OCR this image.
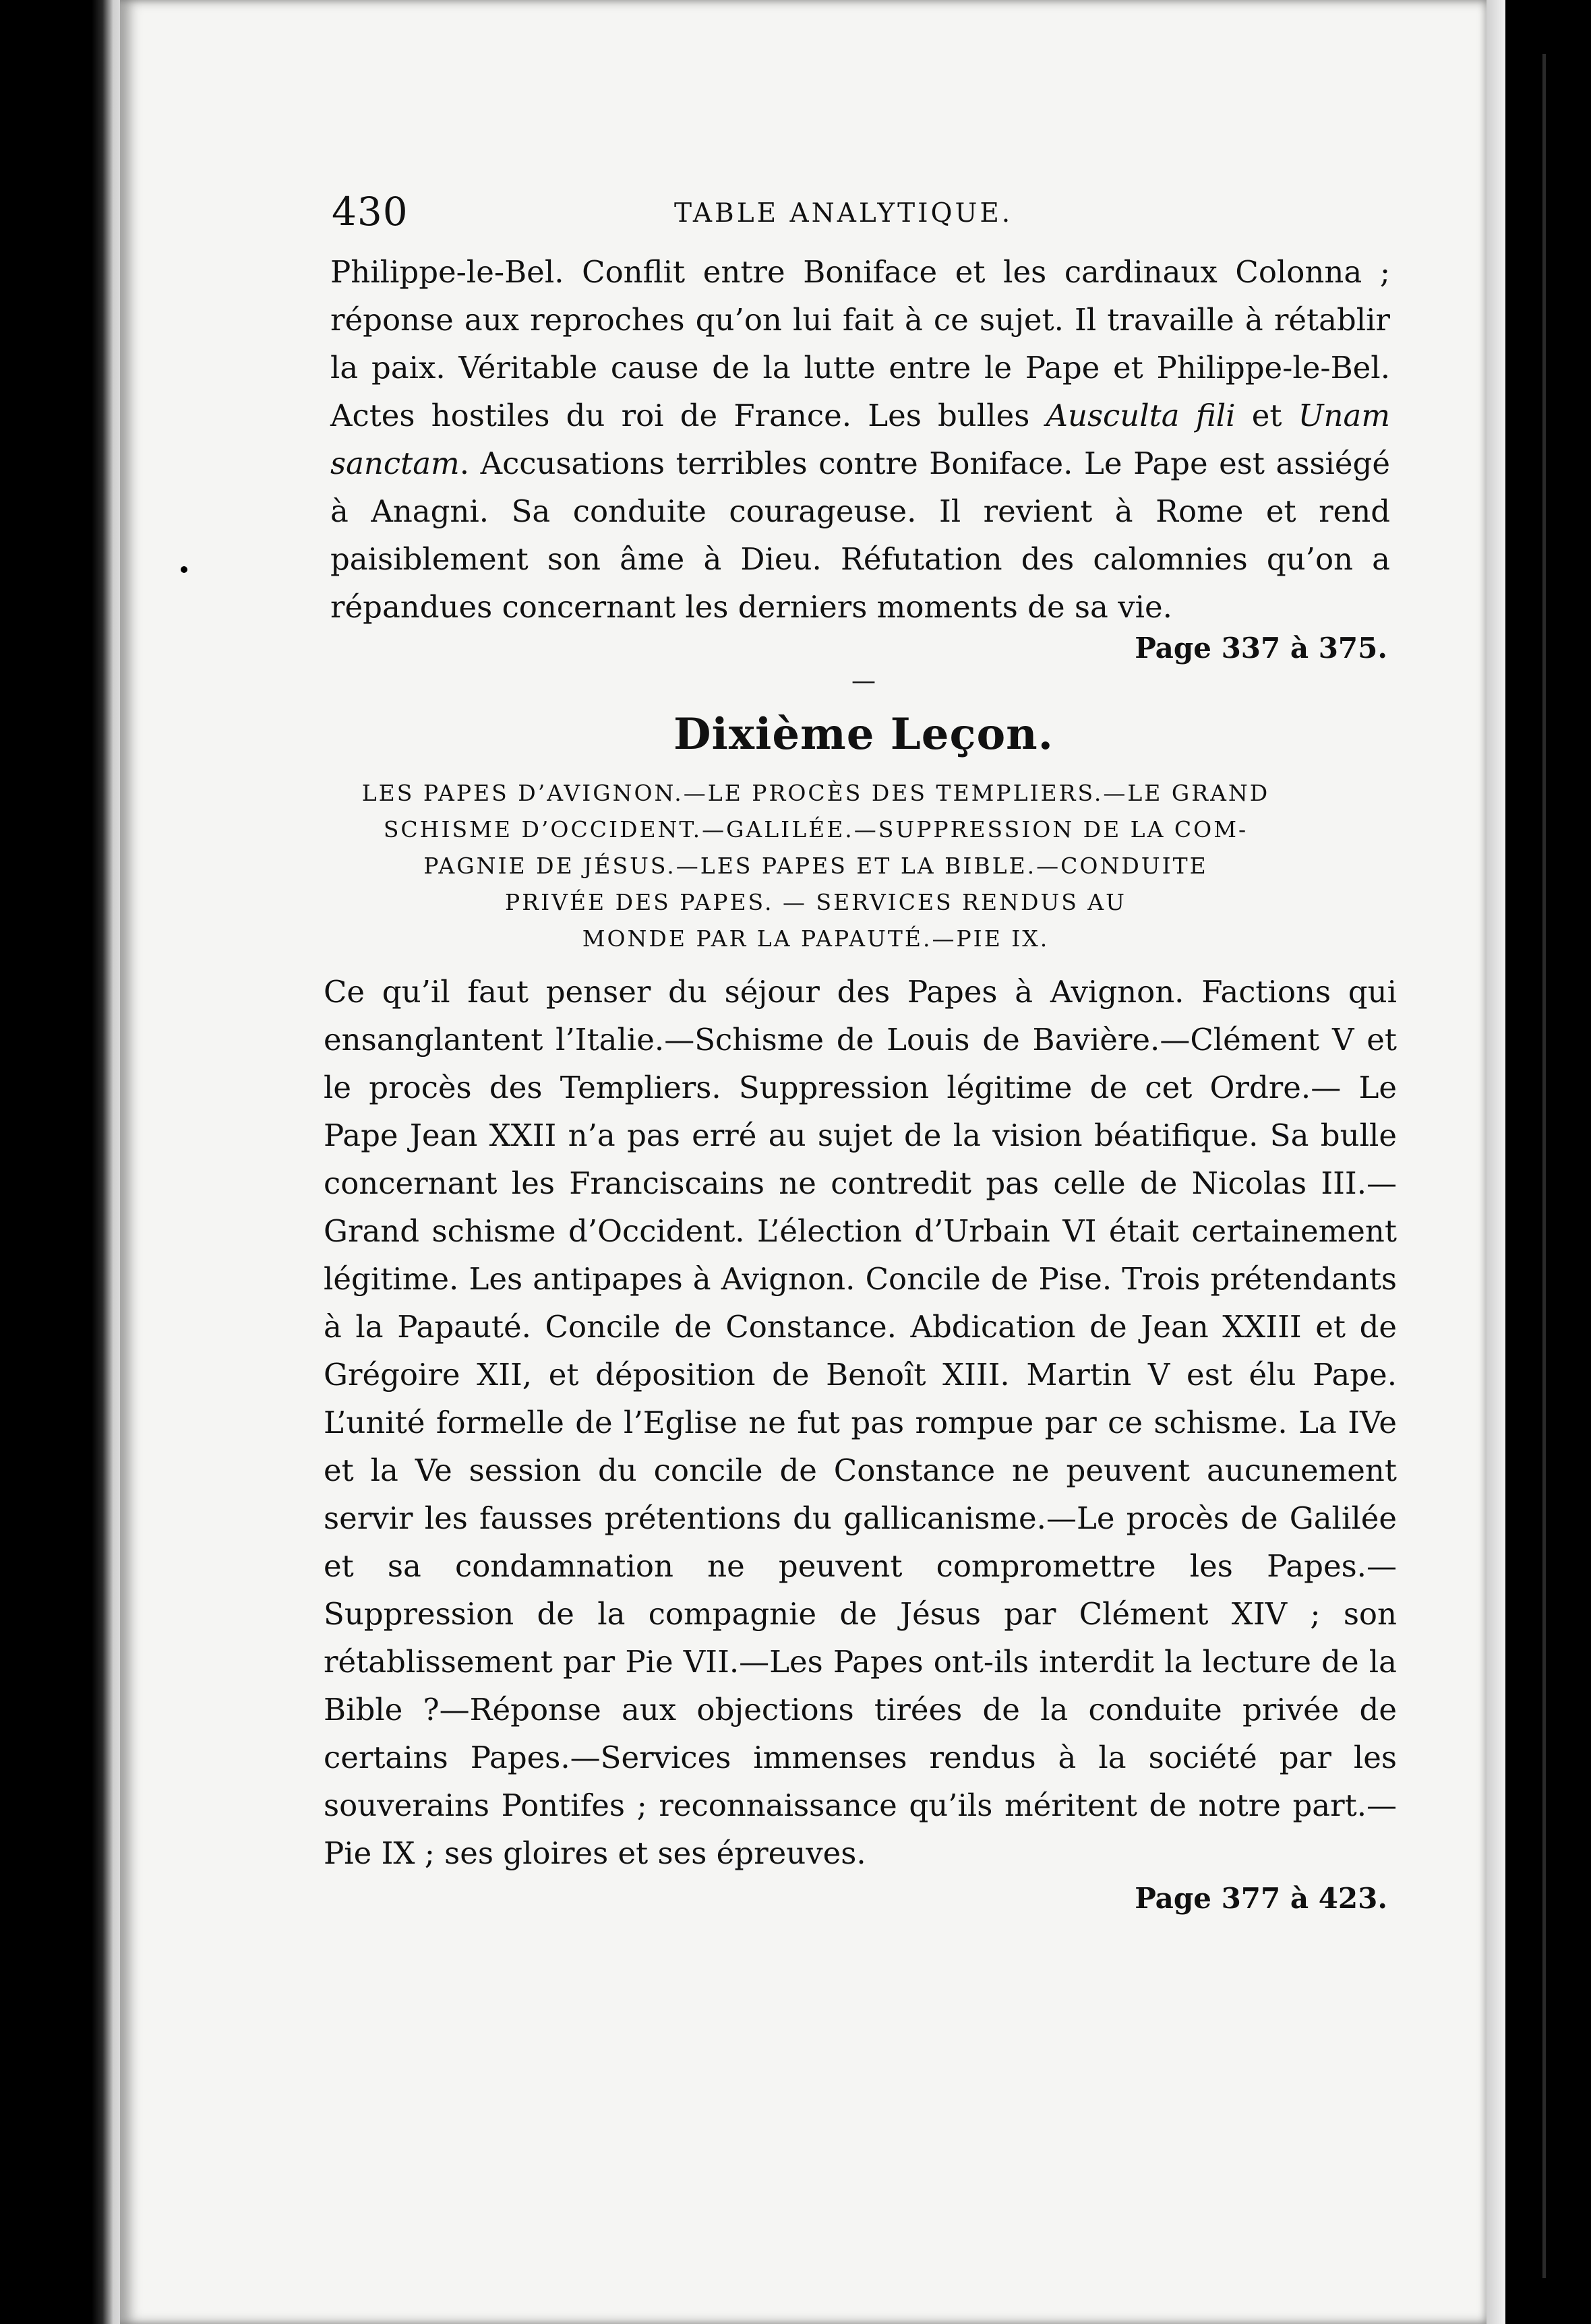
430	TABLE ANALYTIQUE.

Philippe-le-Bel. Conflit entre Boniface et les cardinaux Colonna ; réponse aux reproches qu’on lui fait à ce sujet. Il travaille à rétablir la paix. Véritable cause de la lutte entre le Pape et Philippe-le-Bel. Actes hostiles du roi de France. Les bulles Ausculta fili et Unam sanctam. Accusations terribles contre Boniface. Le Pape est assiégé à Anagni. Sa conduite courageuse. Il revient à Rome et rend paisiblement son âme à Dieu. Réfutation des calomnies qu’on a répandues concernant les derniers moments de sa vie.

Page 337 à 375.

—

Dixième Leçon.
LES PAPES D’AVIGNON.—LE PROCÈS DES TEMPLIERS.—LE GRAND
SCHISME D’OCCIDENT.—GALILÉE.—SUPPRESSION DE LA COM-
PAGNIE DE JÉSUS.—LES PAPES ET LA BIBLE.—CONDUITE
PRIVÉE DES PAPES. — SERVICES RENDUS AU
MONDE PAR LA PAPAUTÉ.—PIE IX.

Ce qu’il faut penser du séjour des Papes à Avignon. Factions qui ensanglantent l’Italie.—Schisme de Louis de Bavière.—Clément V et le procès des Templiers. Suppression légitime de cet Ordre.— Le Pape Jean XXII n’a pas erré au sujet de la vision béatifique. Sa bulle concernant les Franciscains ne contredit pas celle de Nicolas III.—Grand schisme d’Occident. L’élection d’Urbain VI était certainement légitime. Les antipapes à Avignon. Concile de Pise. Trois prétendants à la Papauté. Concile de Constance. Abdication de Jean XXIII et de Grégoire XII, et déposition de Benoît XIII. Martin V est élu Pape. L’unité formelle de l’Eglise ne fut pas rompue par ce schisme. La IVe et la Ve session du concile de Constance ne peuvent aucunement servir les fausses prétentions du gallicanisme.—Le procès de Galilée et sa condamnation ne peuvent compromettre les Papes.—Suppression de la compagnie de Jésus par Clément XIV ; son rétablissement par Pie VII.—Les Papes ont-ils interdit la lecture de la Bible ?—Réponse aux objections tirées de la conduite privée de certains Papes.—Services immenses rendus à la société par les souverains Pontifes ; reconnaissance qu’ils méritent de notre part.—Pie IX ; ses gloires et ses épreuves.

Page 377 à 423.
